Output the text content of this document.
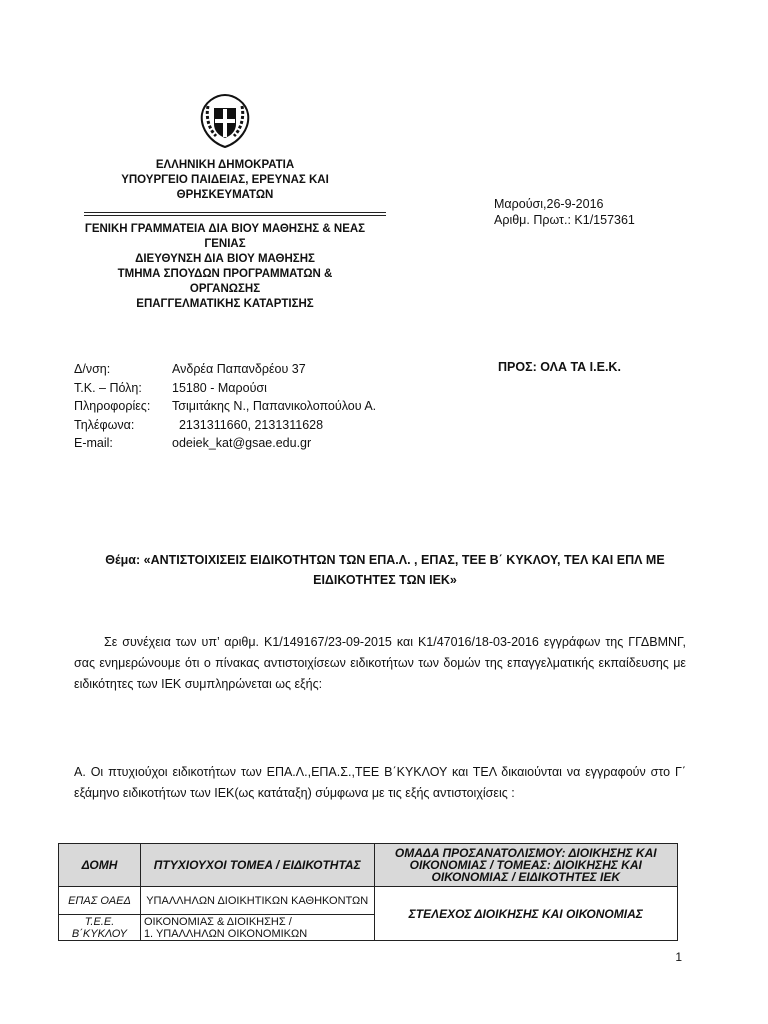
ΕΛΛΗΝΙΚΗ ΔΗΜΟΚΡΑΤΙΑ
ΥΠΟΥΡΓΕΙΟ ΠΑΙΔΕΙΑΣ, ΕΡΕΥΝΑΣ ΚΑΙ
ΘΡΗΣΚΕΥΜΑΤΩΝ
ΓΕΝΙΚΗ ΓΡΑΜΜΑΤΕΙΑ ΔΙΑ ΒΙΟΥ ΜΑΘΗΣΗΣ & ΝΕΑΣ
ΓΕΝΙΑΣ
ΔΙΕΥΘΥΝΣΗ ΔΙΑ ΒΙΟΥ ΜΑΘΗΣΗΣ
ΤΜΗΜΑ ΣΠΟΥΔΩΝ ΠΡΟΓΡΑΜΜΑΤΩΝ &
ΟΡΓΑΝΩΣΗΣ
ΕΠΑΓΓΕΛΜΑΤΙΚΗΣ ΚΑΤΑΡΤΙΣΗΣ
Μαρούσι,26-9-2016
Αριθμ. Πρωτ.: Κ1/157361
Δ/νση:	Ανδρέα Παπανδρέου 37
Τ.Κ. – Πόλη:	15180 - Μαρούσι
Πληροφορίες:	Τσιμιτάκης Ν., Παπανικολοπούλου Α.
Τηλέφωνα:	2131311660, 2131311628
E-mail:	odeiek_kat@gsae.edu.gr
ΠΡΟΣ: ΟΛΑ ΤΑ Ι.Ε.Κ.
Θέμα: «ΑΝΤΙΣΤΟΙΧΙΣΕΙΣ ΕΙΔΙΚΟΤΗΤΩΝ ΤΩΝ ΕΠΑ.Λ. , ΕΠΑΣ, ΤΕΕ Β΄ ΚΥΚΛΟΥ, ΤΕΛ ΚΑΙ ΕΠΛ ΜΕ
ΕΙΔΙΚΟΤΗΤΕΣ ΤΩΝ ΙΕΚ»
Σε συνέχεια των υπ’ αριθμ. Κ1/149167/23-09-2015 και Κ1/47016/18-03-2016 εγγράφων της ΓΓΔΒΜΝΓ, σας ενημερώνουμε ότι ο πίνακας αντιστοιχίσεων ειδικοτήτων των δομών της επαγγελματικής εκπαίδευσης με ειδικότητες των ΙΕΚ συμπληρώνεται ως εξής:
Α. Οι πτυχιούχοι ειδικοτήτων των ΕΠΑ.Λ.,ΕΠΑ.Σ.,ΤΕΕ Β΄ΚΥΚΛΟΥ και ΤΕΛ δικαιούνται να εγγραφούν στο Γ΄ εξάμηνο ειδικοτήτων των ΙΕΚ(ως κατάταξη) σύμφωνα με τις εξής αντιστοιχίσεις :
ΔΟΜΗ	ΠΤΥΧΙΟΥΧΟΙ ΤΟΜΕΑ / ΕΙΔΙΚΟΤΗΤΑΣ	ΟΜΑΔΑ ΠΡΟΣΑΝΑΤΟΛΙΣΜΟΥ: ΔΙΟΙΚΗΣΗΣ ΚΑΙ ΟΙΚΟΝΟΜΙΑΣ / ΤΟΜΕΑΣ: ΔΙΟΙΚΗΣΗΣ ΚΑΙ ΟΙΚΟΝΟΜΙΑΣ / ΕΙΔΙΚΟΤΗΤΕΣ ΙΕΚ
ΕΠΑΣ ΟΑΕΔ	ΥΠΑΛΛΗΛΩΝ ΔΙΟΙΚΗΤΙΚΩΝ ΚΑΘΗΚΟΝΤΩΝ	ΣΤΕΛΕΧΟΣ ΔΙΟΙΚΗΣΗΣ ΚΑΙ ΟΙΚΟΝΟΜΙΑΣ
Τ.Ε.Ε. Β΄ΚΥΚΛΟΥ	ΟΙΚΟΝΟΜΙΑΣ & ΔΙΟΙΚΗΣΗΣ /
1. ΥΠΑΛΛΗΛΩΝ ΟΙΚΟΝΟΜΙΚΩΝ	
1
